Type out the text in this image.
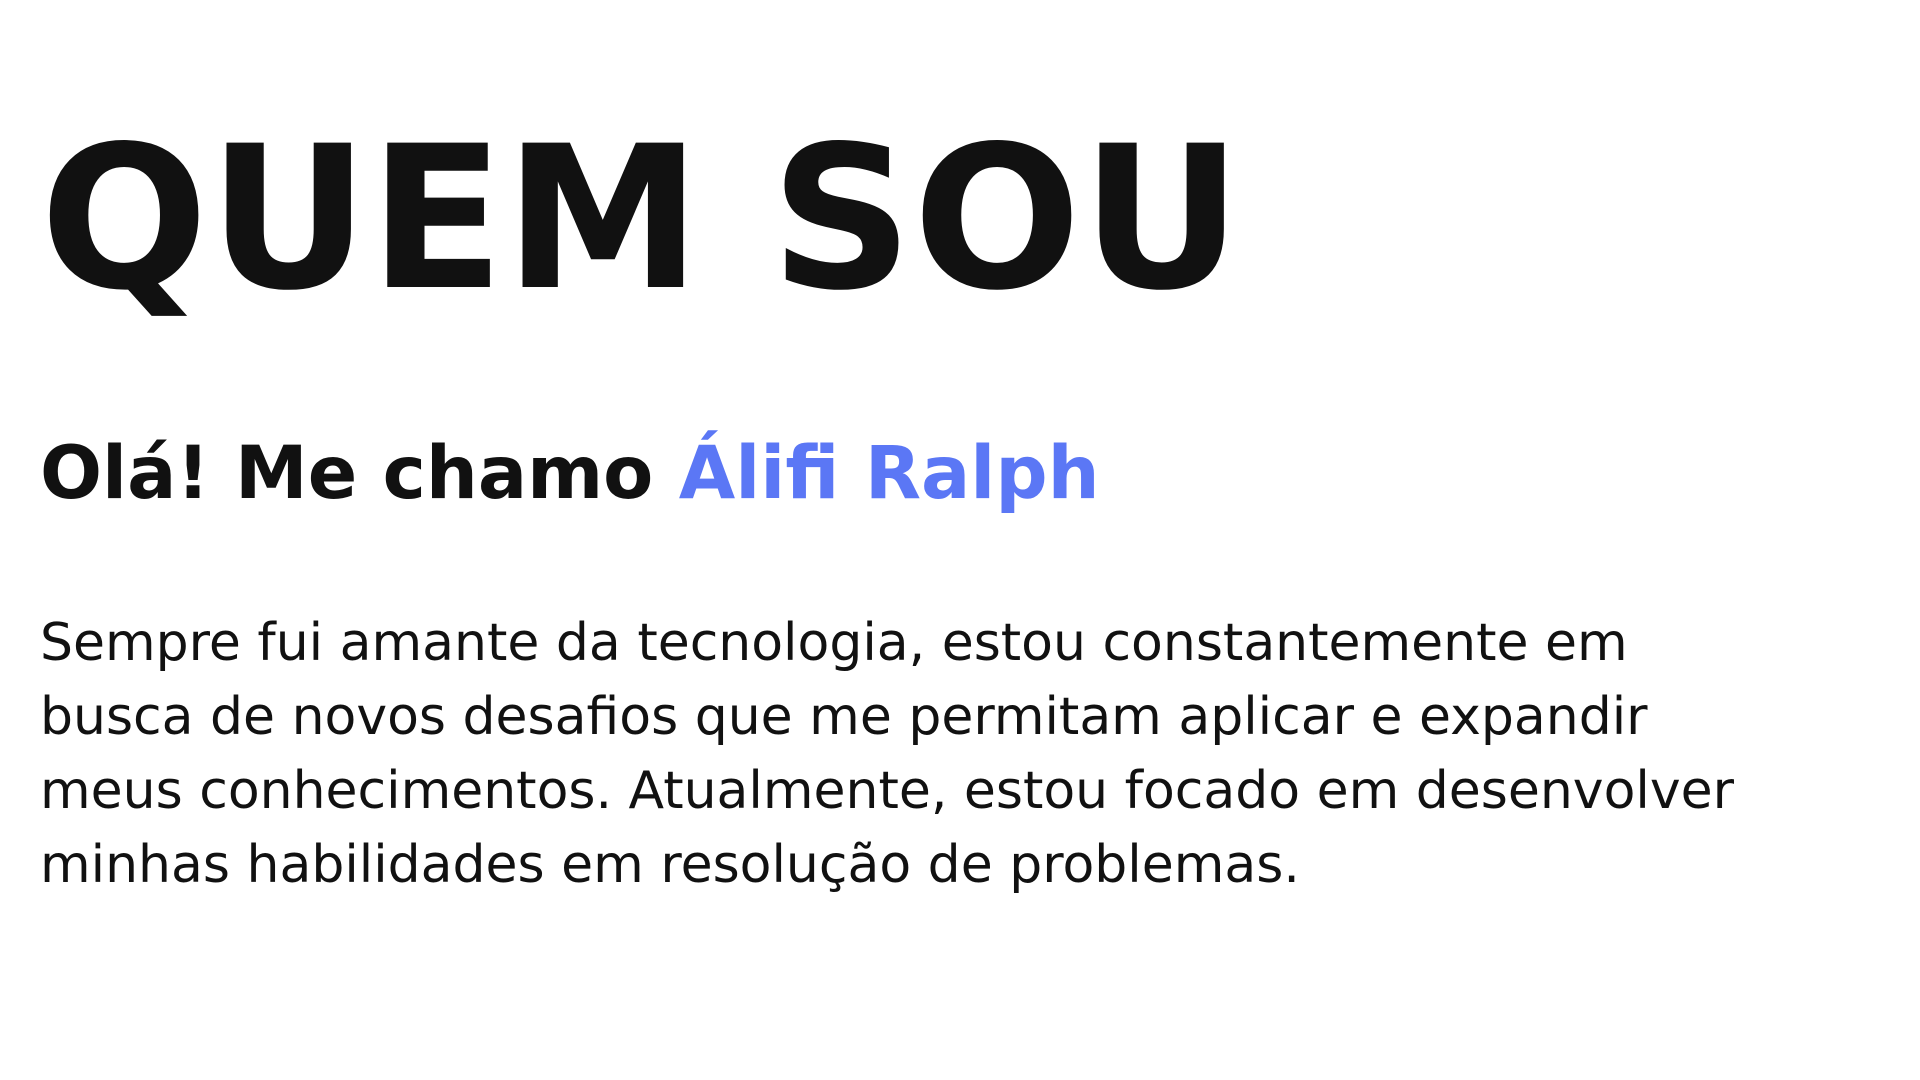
QUEM SOU
Olá! Me chamo Álifi Ralph

Sempre fui amante da tecnologia, estou constantemente em
busca de novos desafios que me permitam aplicar e expandir
meus conhecimentos. Atualmente, estou focado em desenvolver
minhas habilidades em resolução de problemas.
